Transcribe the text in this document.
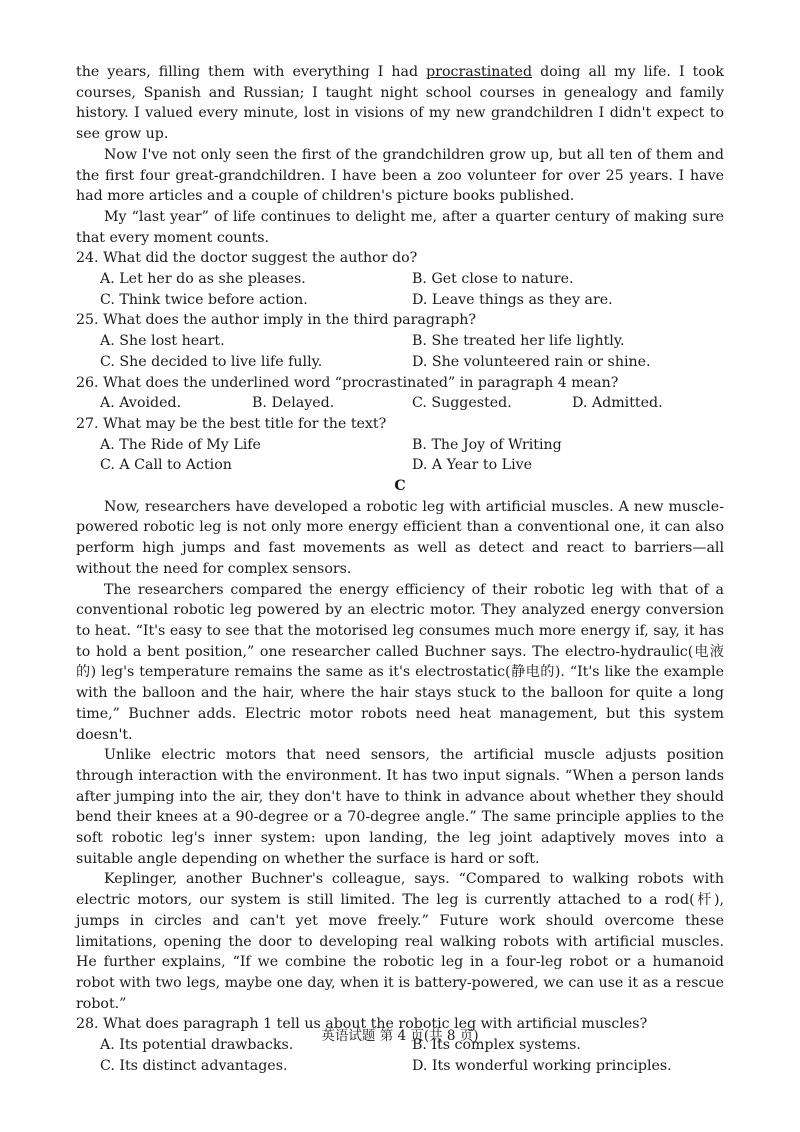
the years, filling them with everything I had procrastinated doing all my life. I took courses, Spanish and Russian; I taught night school courses in genealogy and family history. I valued every minute, lost in visions of my new grandchildren I didn't expect to see grow up.

Now I've not only seen the first of the grandchildren grow up, but all ten of them and the first four great-grandchildren. I have been a zoo volunteer for over 25 years. I have had more articles and a couple of children's picture books published.

My “last year” of life continues to delight me, after a quarter century of making sure that every moment counts.

24. What did the doctor suggest the author do?

A. Let her do as she pleases.	B. Get close to nature.
C. Think twice before action.	D. Leave things as they are.

25. What does the author imply in the third paragraph?

A. She lost heart.	B. She treated her life lightly.
C. She decided to live life fully.	D. She volunteered rain or shine.

26. What does the underlined word “procrastinated” in paragraph 4 mean?

A. Avoided.	B. Delayed.	C. Suggested.	D. Admitted.

27. What may be the best title for the text?

A. The Ride of My Life	B. The Joy of Writing
C. A Call to Action	D. A Year to Live

C

Now, researchers have developed a robotic leg with artificial muscles. A new muscle-powered robotic leg is not only more energy efficient than a conventional one, it can also perform high jumps and fast movements as well as detect and react to barriers—all without the need for complex sensors.

The researchers compared the energy efficiency of their robotic leg with that of a conventional robotic leg powered by an electric motor. They analyzed energy conversion to heat. “It's easy to see that the motorised leg consumes much more energy if, say, it has to hold a bent position,” one researcher called Buchner says. The electro-hydraulic(电液的) leg's temperature remains the same as it's electrostatic(静电的). “It's like the example with the balloon and the hair, where the hair stays stuck to the balloon for quite a long time,” Buchner adds. Electric motor robots need heat management, but this system doesn't.

Unlike electric motors that need sensors, the artificial muscle adjusts position through interaction with the environment. It has two input signals. “When a person lands after jumping into the air, they don't have to think in advance about whether they should bend their knees at a 90-degree or a 70-degree angle.” The same principle applies to the soft robotic leg's inner system: upon landing, the leg joint adaptively moves into a suitable angle depending on whether the surface is hard or soft.

Keplinger, another Buchner's colleague, says. “Compared to walking robots with electric motors, our system is still limited. The leg is currently attached to a rod(杆), jumps in circles and can't yet move freely.” Future work should overcome these limitations, opening the door to developing real walking robots with artificial muscles. He further explains, “If we combine the robotic leg in a four-leg robot or a humanoid robot with two legs, maybe one day, when it is battery-powered, we can use it as a rescue robot.”

28. What does paragraph 1 tell us about the robotic leg with artificial muscles?

A. Its potential drawbacks.	B. Its complex systems.
C. Its distinct advantages.	D. Its wonderful working principles.
英语试题 第 4 页(共 8 页)
